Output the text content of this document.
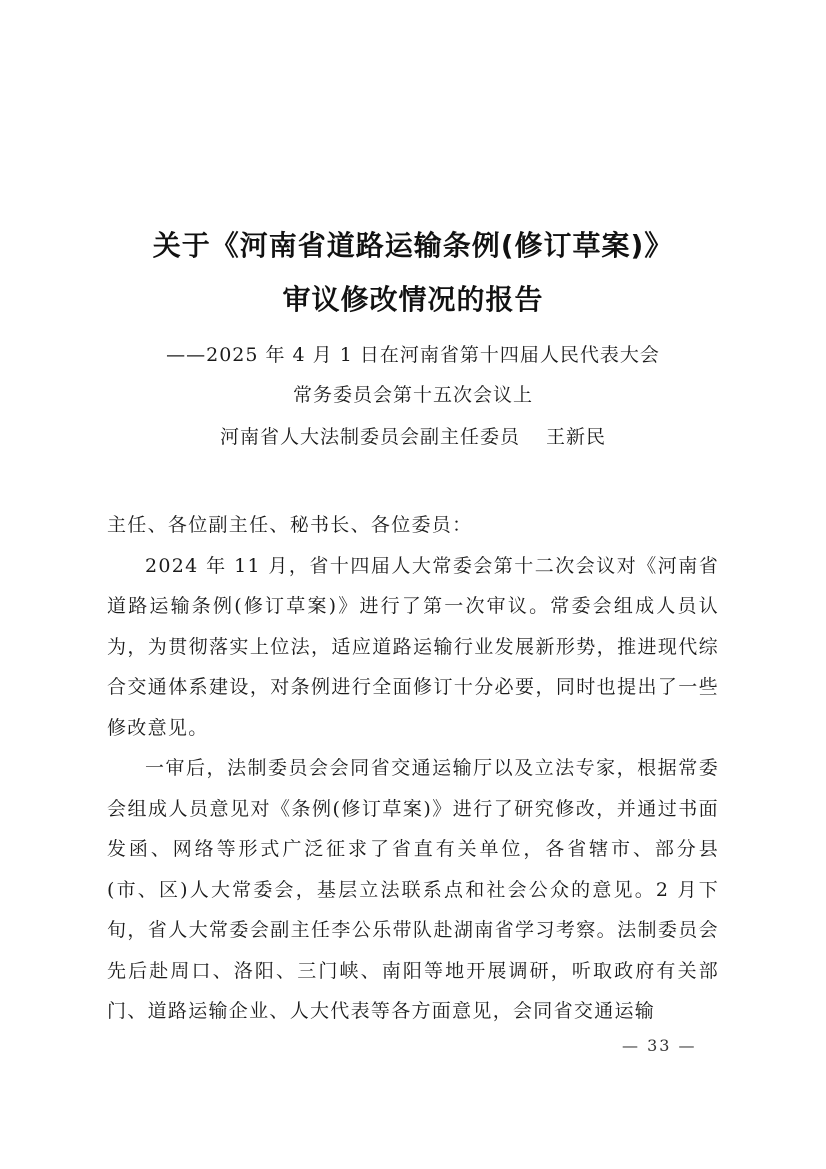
关于《河南省道路运输条例(修订草案)》
审议修改情况的报告
——2025 年 4 月 1 日在河南省第十四届人民代表大会
常务委员会第十五次会议上
河南省人大法制委员会副主任委员 王新民

主任、各位副主任、秘书长、各位委员：

2024 年 11 月，省十四届人大常委会第十二次会议对《河南省道路运输条例(修订草案)》进行了第一次审议。常委会组成人员认为，为贯彻落实上位法，适应道路运输行业发展新形势，推进现代综合交通体系建设，对条例进行全面修订十分必要，同时也提出了一些修改意见。

一审后，法制委员会会同省交通运输厅以及立法专家，根据常委会组成人员意见对《条例(修订草案)》进行了研究修改，并通过书面发函、网络等形式广泛征求了省直有关单位，各省辖市、部分县(市、区)人大常委会，基层立法联系点和社会公众的意见。2 月下旬，省人大常委会副主任李公乐带队赴湖南省学习考察。法制委员会先后赴周口、洛阳、三门峡、南阳等地开展调研，听取政府有关部门、道路运输企业、人大代表等各方面意见，会同省交通运输

— 33 —
